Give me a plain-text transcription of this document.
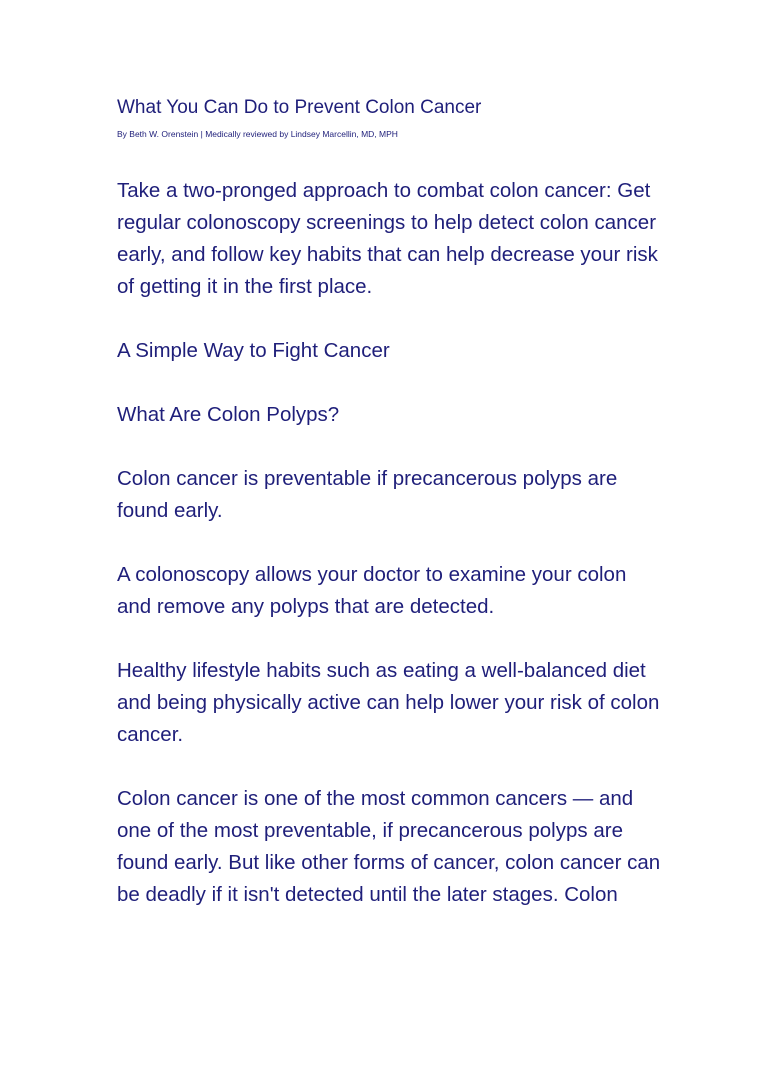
What You Can Do to Prevent Colon Cancer

By Beth W. Orenstein | Medically reviewed by Lindsey Marcellin, MD, MPH

Take a two-pronged approach to combat colon cancer: Get regular colonoscopy screenings to help detect colon cancer early, and follow key habits that can help decrease your risk of getting it in the first place.

A Simple Way to Fight Cancer

What Are Colon Polyps?

Colon cancer is preventable if precancerous polyps are found early.

A colonoscopy allows your doctor to examine your colon and remove any polyps that are detected.

Healthy lifestyle habits such as eating a well-balanced diet and being physically active can help lower your risk of colon cancer.

Colon cancer is one of the most common cancers — and one of the most preventable, if precancerous polyps are found early. But like other forms of cancer, colon cancer can be deadly if it isn't detected until the later stages. Colon
